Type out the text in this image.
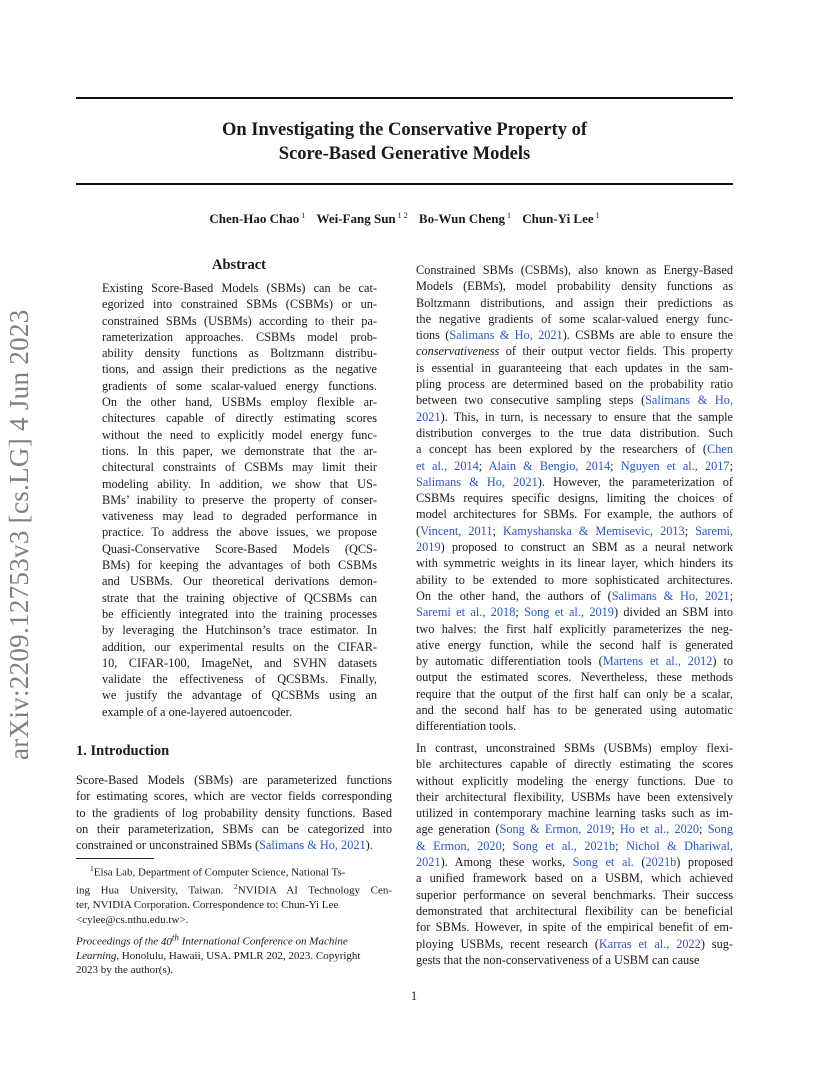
arXiv:2209.12753v3 [cs.LG] 4 Jun 2023
On Investigating the Conservative Property of
Score-Based Generative Models
Chen-Hao Chao $^1$ Wei-Fang Sun $^{1 2}$ Bo-Wun Cheng $^1$ Chun-Yi Lee $^1$
Abstract
Existing Score-Based Models (SBMs) can be cat-
egorized into constrained SBMs (CSBMs) or un-
constrained SBMs (USBMs) according to their pa-
rameterization approaches. CSBMs model prob-
ability density functions as Boltzmann distribu-
tions, and assign their predictions as the negative
gradients of some scalar-valued energy functions.
On the other hand, USBMs employ flexible ar-
chitectures capable of directly estimating scores
without the need to explicitly model energy func-
tions. In this paper, we demonstrate that the ar-
chitectural constraints of CSBMs may limit their
modeling ability. In addition, we show that US-
BMs’ inability to preserve the property of conser-
vativeness may lead to degraded performance in
practice. To address the above issues, we propose
Quasi-Conservative Score-Based Models (QCS-
BMs) for keeping the advantages of both CSBMs
and USBMs. Our theoretical derivations demon-
strate that the training objective of QCSBMs can
be efficiently integrated into the training processes
by leveraging the Hutchinson’s trace estimator. In
addition, our experimental results on the CIFAR-
10, CIFAR-100, ImageNet, and SVHN datasets
validate the effectiveness of QCSBMs. Finally,
we justify the advantage of QCSBMs using an
example of a one-layered autoencoder.
1. Introduction
Score-Based Models (SBMs) are parameterized functions
for estimating scores, which are vector fields corresponding
to the gradients of log probability density functions. Based
on their parameterization, SBMs can be categorized into
constrained or unconstrained SBMs (Salimans & Ho, 2021).
$^1$Elsa Lab, Department of Computer Science, National Ts-
ing Hua University, Taiwan. $^2$NVIDIA AI Technology Cen-
ter, NVIDIA Corporation. Correspondence to: Chun-Yi Lee
<cylee@cs.nthu.edu.tw>.
Proceedings of the 40th International Conference on Machine
Learning, Honolulu, Hawaii, USA. PMLR 202, 2023. Copyright
2023 by the author(s).
Constrained SBMs (CSBMs), also known as Energy-Based
Models (EBMs), model probability density functions as
Boltzmann distributions, and assign their predictions as
the negative gradients of some scalar-valued energy func-
tions (Salimans & Ho, 2021). CSBMs are able to ensure the
conservativeness of their output vector fields. This property
is essential in guaranteeing that each updates in the sam-
pling process are determined based on the probability ratio
between two consecutive sampling steps (Salimans & Ho,
2021). This, in turn, is necessary to ensure that the sample
distribution converges to the true data distribution. Such
a concept has been explored by the researchers of (Chen
et al., 2014; Alain & Bengio, 2014; Nguyen et al., 2017;
Salimans & Ho, 2021). However, the parameterization of
CSBMs requires specific designs, limiting the choices of
model architectures for SBMs. For example, the authors of
(Vincent, 2011; Kamyshanska & Memisevic, 2013; Saremi,
2019) proposed to construct an SBM as a neural network
with symmetric weights in its linear layer, which hinders its
ability to be extended to more sophisticated architectures.
On the other hand, the authors of (Salimans & Ho, 2021;
Saremi et al., 2018; Song et al., 2019) divided an SBM into
two halves: the first half explicitly parameterizes the neg-
ative energy function, while the second half is generated
by automatic differentiation tools (Martens et al., 2012) to
output the estimated scores. Nevertheless, these methods
require that the output of the first half can only be a scalar,
and the second half has to be generated using automatic
differentiation tools.
In contrast, unconstrained SBMs (USBMs) employ flexi-
ble architectures capable of directly estimating the scores
without explicitly modeling the energy functions. Due to
their architectural flexibility, USBMs have been extensively
utilized in contemporary machine learning tasks such as im-
age generation (Song & Ermon, 2019; Ho et al., 2020; Song
& Ermon, 2020; Song et al., 2021b; Nichol & Dhariwal,
2021). Among these works, Song et al. (2021b) proposed
a unified framework based on a USBM, which achieved
superior performance on several benchmarks. Their success
demonstrated that architectural flexibility can be beneficial
for SBMs. However, in spite of the empirical benefit of em-
ploying USBMs, recent research (Karras et al., 2022) sug-
gests that the non-conservativeness of a USBM can cause
1
